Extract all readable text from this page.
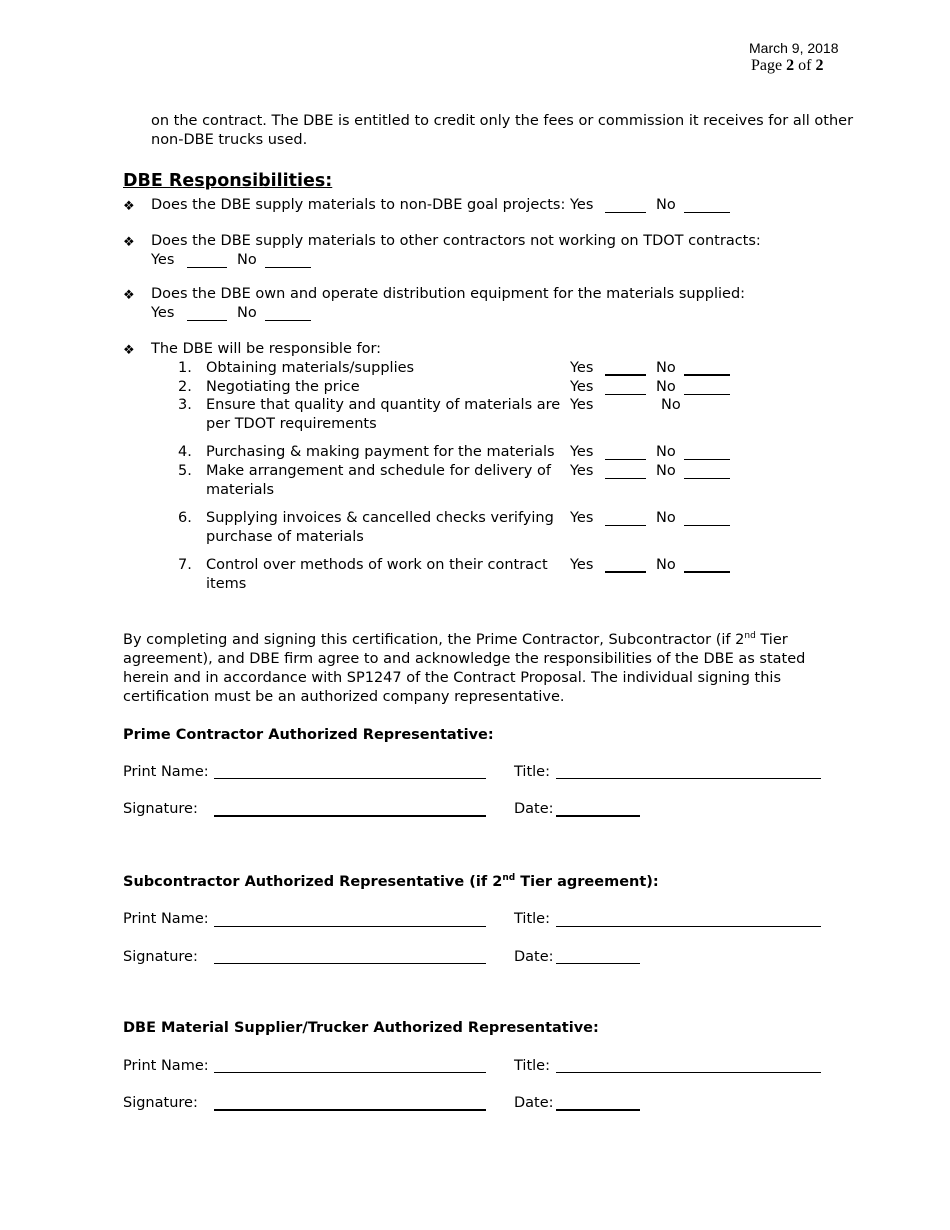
March 9, 2018
Page 2 of 2
on the contract. The DBE is entitled to credit only the fees or commission it receives for all other
non-DBE trucks used.
DBE Responsibilities:
❖ Does the DBE supply materials to non-DBE goal projects: Yes	No
❖ Does the DBE supply materials to other contractors not working on TDOT contracts:
Yes	No
❖ Does the DBE own and operate distribution equipment for the materials supplied:
Yes	No
❖ The DBE will be responsible for:
1. Obtaining materials/supplies	Yes	No
2. Negotiating the price	Yes	No
3. Ensure that quality and quantity of materials are
per TDOT requirements
Yes	No
4. Purchasing & making payment for the materials Yes	No
5. Make arrangement and schedule for delivery of
materials
Yes	No
6. Supplying invoices & cancelled checks verifying
purchase of materials
Yes	No
7. Control over methods of work on their contract
items
Yes	No
By completing and signing this certification, the Prime Contractor, Subcontractor (if 2nd Tier agreement), and DBE firm agree to and acknowledge the responsibilities of the DBE as stated herein and in accordance with SP1247 of the Contract Proposal. The individual signing this certification must be an authorized company representative.
Prime Contractor Authorized Representative:
Print Name:	Title:
Signature:	Date:
Subcontractor Authorized Representative (if 2nd Tier agreement):
Print Name:	Title:
Signature:	Date:
DBE Material Supplier/Trucker Authorized Representative:
Print Name:	Title:
Signature:	Date:
